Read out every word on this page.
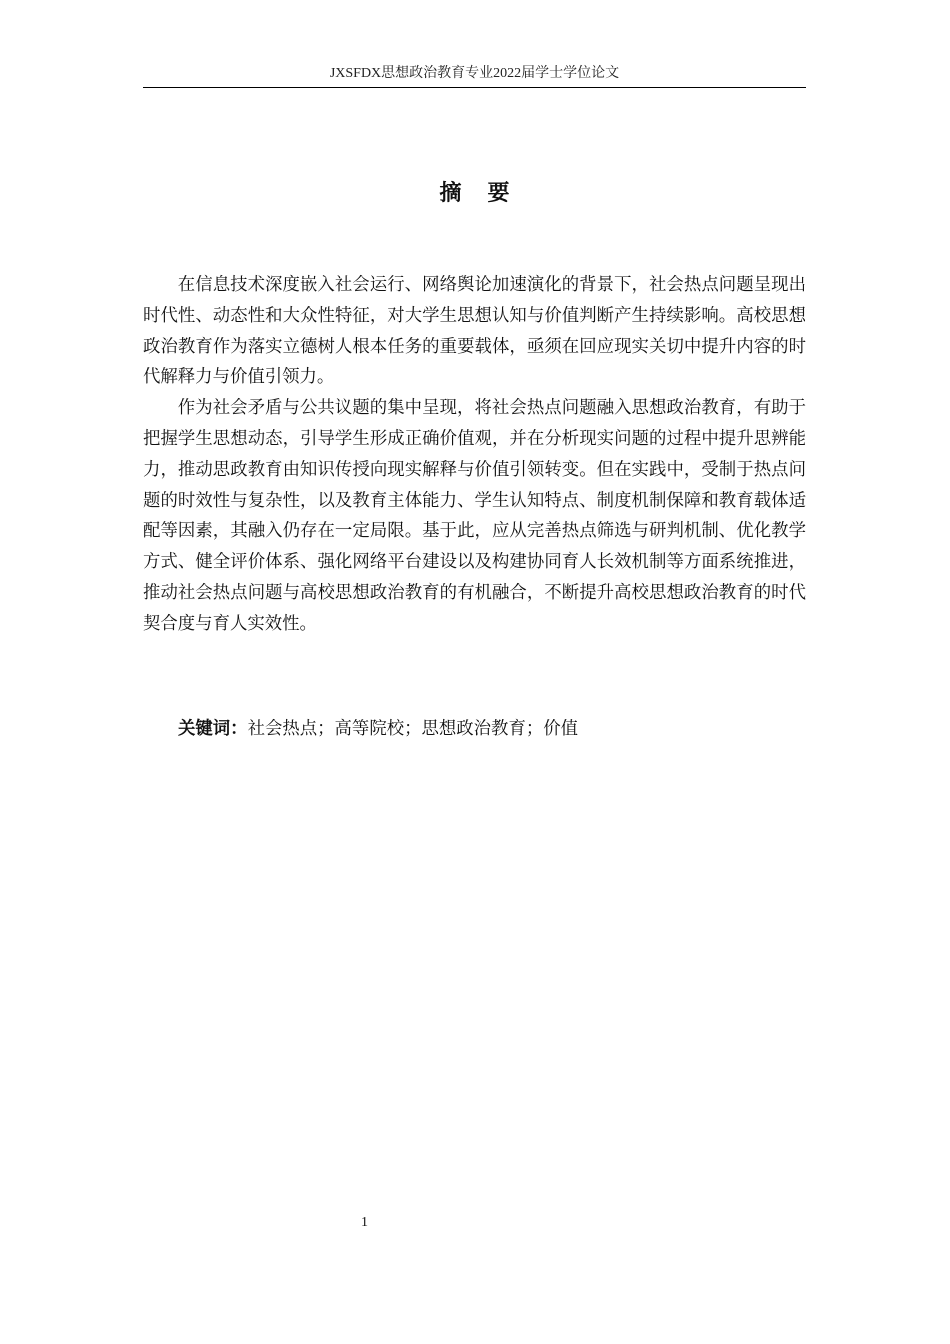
JXSFDX思想政治教育专业2022届学士学位论文
摘要

在信息技术深度嵌入社会运行、网络舆论加速演化的背景下，社会热点问题呈现出时代性、动态性和大众性特征，对大学生思想认知与价值判断产生持续影响。高校思想政治教育作为落实立德树人根本任务的重要载体，亟须在回应现实关切中提升内容的时代解释力与价值引领力。

作为社会矛盾与公共议题的集中呈现，将社会热点问题融入思想政治教育，有助于把握学生思想动态，引导学生形成正确价值观，并在分析现实问题的过程中提升思辨能力，推动思政教育由知识传授向现实解释与价值引领转变。但在实践中，受制于热点问题的时效性与复杂性，以及教育主体能力、学生认知特点、制度机制保障和教育载体适配等因素，其融入仍存在一定局限。基于此，应从完善热点筛选与研判机制、优化教学方式、健全评价体系、强化网络平台建设以及构建协同育人长效机制等方面系统推进，推动社会热点问题与高校思想政治教育的有机融合，不断提升高校思想政治教育的时代契合度与育人实效性。

关键词：社会热点；高等院校；思想政治教育；价值
1
